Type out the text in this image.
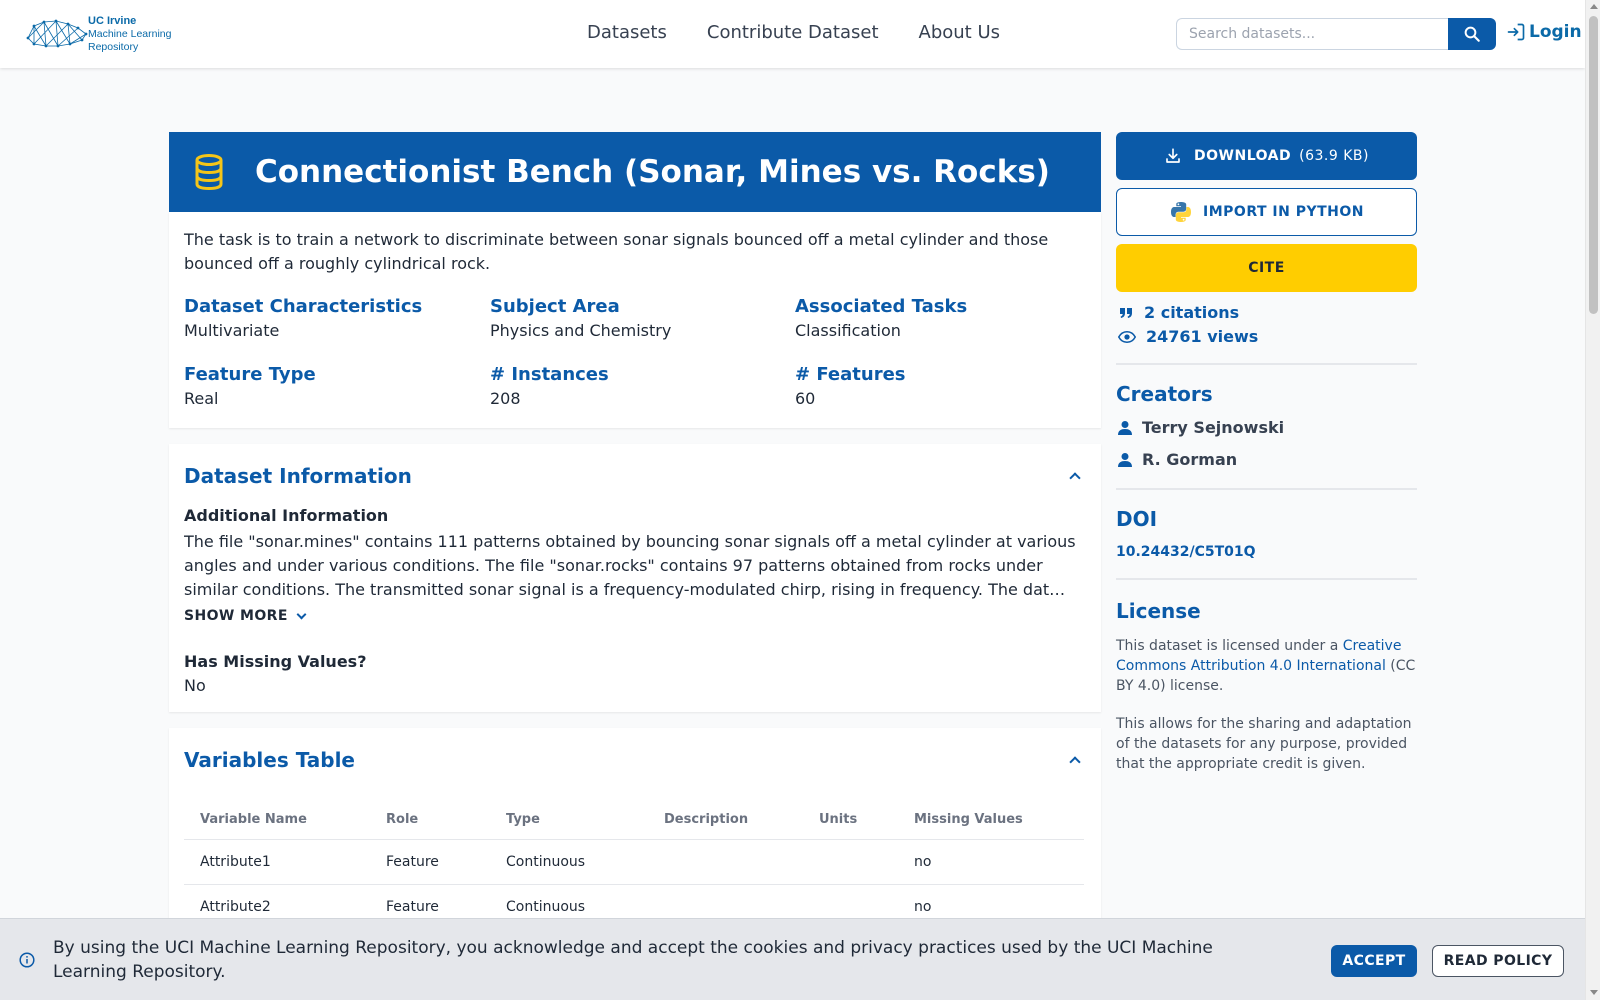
UC Irvine
Machine Learning
Repository
Datasets Contribute Dataset About Us
Search datasets...	Login
Connectionist Bench (Sonar, Mines vs. Rocks)
The task is to train a network to discriminate between sonar signals bounced off a metal cylinder and those bounced off a roughly cylindrical rock.
Dataset Characteristics
Multivariate
Subject Area
Physics and Chemistry
Associated Tasks
Classification
Feature Type
Real
# Instances
208
# Features
60
Dataset Information
Additional Information
The file "sonar.mines" contains 111 patterns obtained by bouncing sonar signals off a metal cylinder at various angles and under various conditions. The file "sonar.rocks" contains 97 patterns obtained from rocks under similar conditions. The transmitted sonar signal is a frequency-modulated chirp, rising in frequency. The dat…
SHOW MORE
Has Missing Values?
No
Variables Table
Variable Name	Role	Type	Description	Units	Missing Values
Attribute1	Feature	Continuous			no
Attribute2	Feature	Continuous			no
DOWNLOAD (63.9 KB)
IMPORT IN PYTHON
CITE
2 citations
24761 views
Creators
Terry Sejnowski
R. Gorman
DOI
10.24432/C5T01Q
License
This dataset is licensed under a Creative Commons Attribution 4.0 International (CC BY 4.0) license.
This allows for the sharing and adaptation of the datasets for any purpose, provided that the appropriate credit is given.
By using the UCI Machine Learning Repository, you acknowledge and accept the cookies and privacy practices used by the UCI Machine Learning Repository.
ACCEPT	READ POLICY
